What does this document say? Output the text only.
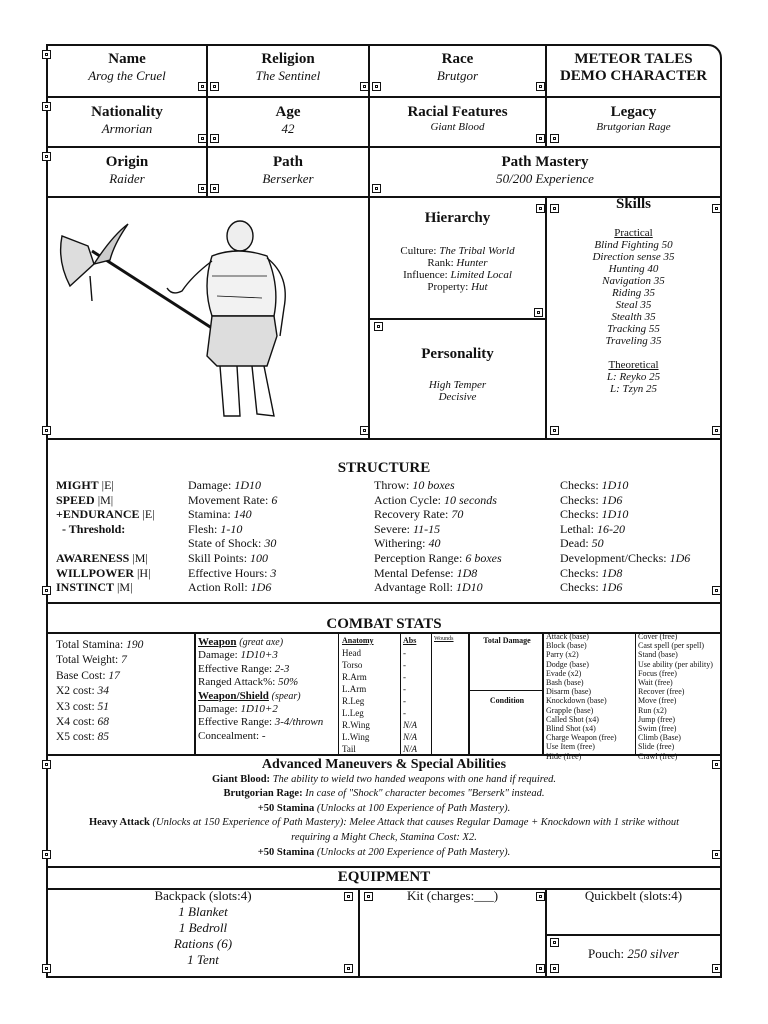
Name
Arog the Cruel
Religion
The Sentinel
Race
Brutgor
METEOR TALES
DEMO CHARACTER
Nationality
Armorian
Age
42
Racial Features
Giant Blood
Legacy
Brutgorian Rage
Origin
Raider
Path
Berserker
Path Mastery
50/200 Experience
Hierarchy
Culture: The Tribal World
Rank: Hunter
Influence: Limited Local
Property: Hut
Personality
High Temper
Decisive
Skills
Practical
Blind Fighting 50
Direction sense 35
Hunting 40
Navigation 35
Riding 35
Steal 35
Stealth 35
Tracking 55
Traveling 35
Theoretical
L: Reyko 25
L: Tzyn 25
STRUCTURE
MIGHT |E|
SPEED |M|
+ENDURANCE |E|
- Threshold:

AWARENESS |M|
WILLPOWER |H|
INSTINCT |M|
Damage: 1D10
Movement Rate: 6
Stamina: 140
Flesh: 1-10
State of Shock: 30
Skill Points: 100
Effective Hours: 3
Action Roll: 1D6
Throw: 10 boxes
Action Cycle: 10 seconds
Recovery Rate: 70
Severe: 11-15
Withering: 40
Perception Range: 6 boxes
Mental Defense: 1D8
Advantage Roll: 1D10
Checks: 1D10
Checks: 1D6
Checks: 1D10
Lethal: 16-20
Dead: 50
Development/Checks: 1D6
Checks: 1D8
Checks: 1D6
COMBAT STATS
Total Stamina: 190
Total Weight: 7
Base Cost: 17
X2 cost: 34
X3 cost: 51
X4 cost: 68
X5 cost: 85
Weapon (great axe)
Damage: 1D10+3
Effective Range: 2-3
Ranged Attack%: 50%
Weapon/Shield (spear)
Damage: 1D10+2
Effective Range: 3-4/thrown
Concealment: -
Anatomy
Head
Torso
R.Arm
L.Arm
R.Leg
L.Leg
R.Wing
L.Wing
Tail
Abs
-
-
-
-
-
-
N/A
N/A
N/A
Wounds	Total Damage
Condition
Attack (base)
Block (base)
Parry (x2)
Dodge (base)
Evade (x2)
Bash (base)
Disarm (base)
Knockdown (base)
Grapple (base)
Called Shot (x4)
Blind Shot (x4)
Charge Weapon (free)
Use Item (free)
Hide (free)
Cover (free)
Cast spell (per spell)
Stand (base)
Use ability (per ability)
Focus (free)
Wait (free)
Recover (free)
Move (free)
Run (x2)
Jump (free)
Swim (free)
Climb (Base)
Slide (free)
Crawl (free)
Advanced Maneuvers & Special Abilities
Giant Blood: The ability to wield two handed weapons with one hand if required.
Brutgorian Rage: In case of "Shock" character becomes "Berserk" instead.
+50 Stamina (Unlocks at 100 Experience of Path Mastery).
Heavy Attack (Unlocks at 150 Experience of Path Mastery): Melee Attack that causes Regular Damage + Knockdown with 1 strike without
requiring a Might Check, Stamina Cost: X2.
+50 Stamina (Unlocks at 200 Experience of Path Mastery).
EQUIPMENT
Backpack (slots:4)
1 Blanket
1 Bedroll
Rations (6)
1 Tent
Kit (charges:___)	Quickbelt (slots:4)
Pouch: 250 silver
